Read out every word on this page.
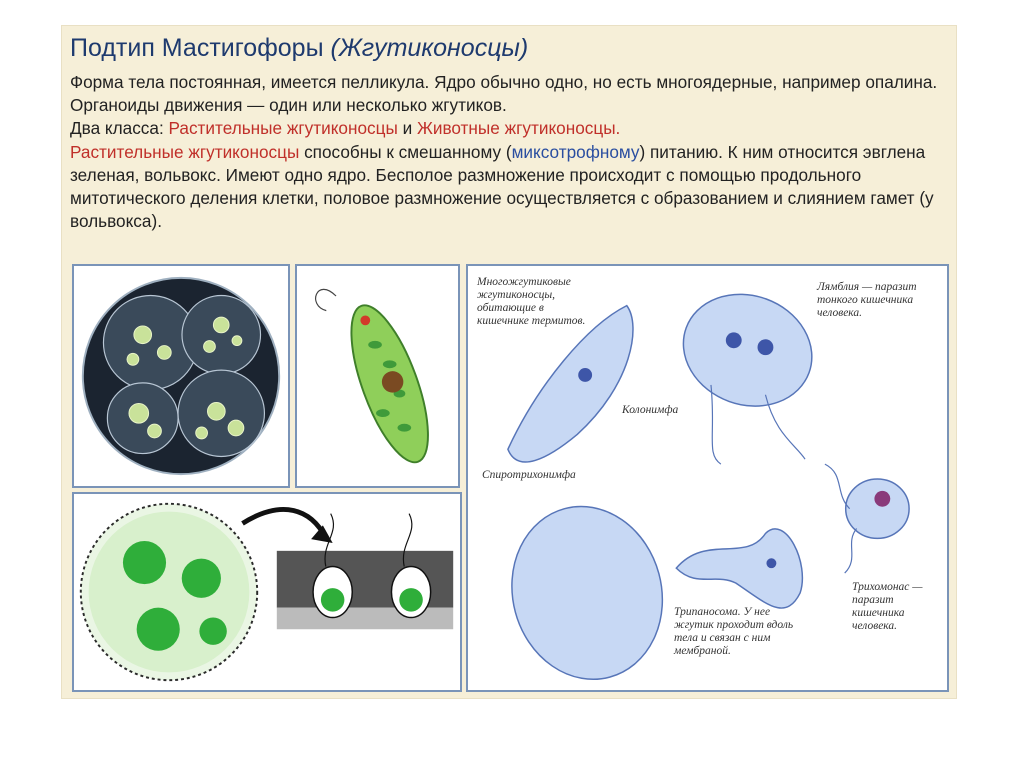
Подтип Мастигофоры (Жгутиконосцы)

Форма тела постоянная, имеется пелликула. Ядро обычно одно, но есть многоядерные, например опалина. Органоиды движения — один или несколько жгутиков.

Два класса: Растительные жгутиконосцы и Животные жгутиконосцы.

Растительные жгутиконосцы способны к смешанному (миксотрофному) питанию. К ним относится эвглена зеленая, вольвокс. Имеют одно ядро. Бесполое размножение происходит с помощью продольного митотического деления клетки, половое размножение осуществляется с образованием и слиянием гамет (у вольвокса).

Многожгутиковые жгутиконосцы, обитающие в кишечнике термитов.
Лямблия — паразит тонкого кишечника человека.
Колонимфа
Спиротрихонимфа
Трипаносома. У нее жгутик проходит вдоль тела и связан с ним мембраной.
Трихомонас — паразит кишечника человека.
